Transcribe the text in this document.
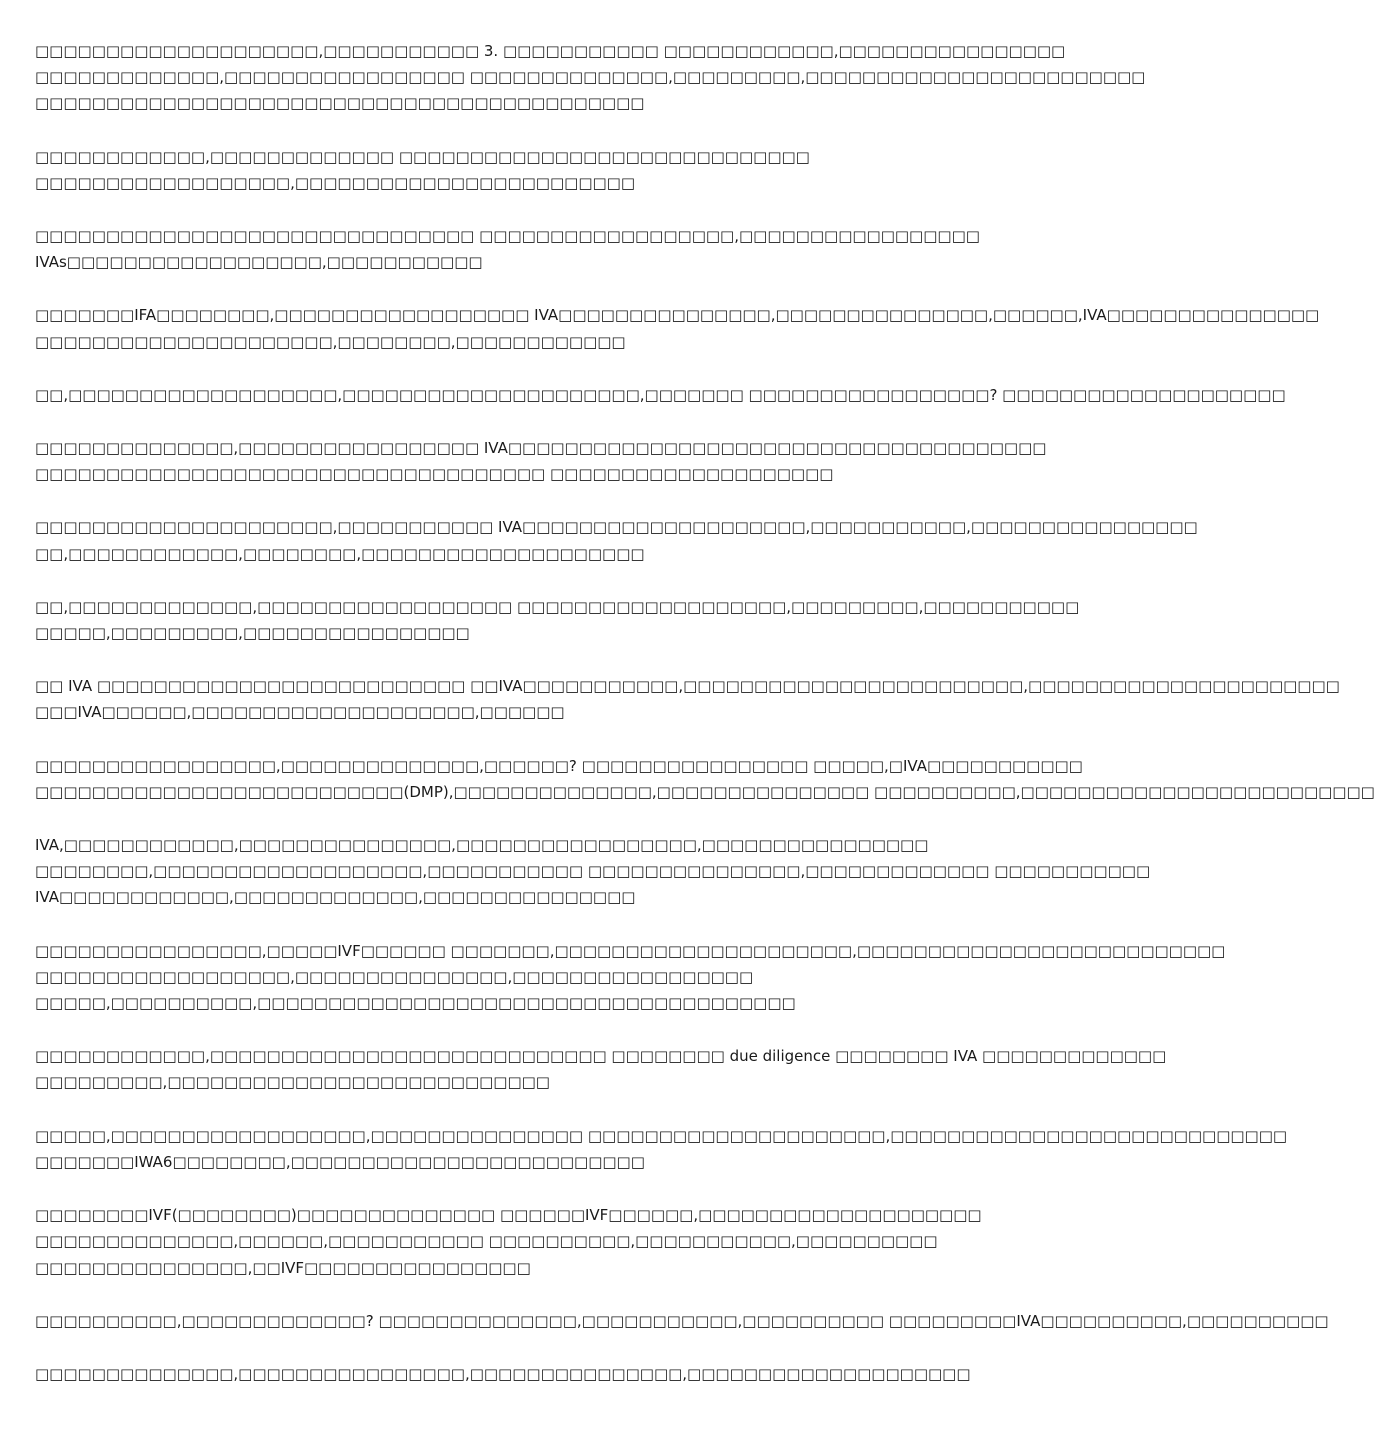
□□□□□□□□□□□□□□□□□□□□,□□□□□□□□□□□ 3. □□□□□□□□□□□ □□□□□□□□□□□□,□□□□□□□□□□□□□□□□
□□□□□□□□□□□□□,□□□□□□□□□□□□□□□□□ □□□□□□□□□□□□□□,□□□□□□□□□,□□□□□□□□□□□□□□□□□□□□□□□□
□□□□□□□□□□□□□□□□□□□□□□□□□□□□□□□□□□□□□□□□□□□
□□□□□□□□□□□□,□□□□□□□□□□□□□ □□□□□□□□□□□□□□□□□□□□□□□□□□□□□
□□□□□□□□□□□□□□□□□□,□□□□□□□□□□□□□□□□□□□□□□□□
□□□□□□□□□□□□□□□□□□□□□□□□□□□□□□□ □□□□□□□□□□□□□□□□□□,□□□□□□□□□□□□□□□□□
IVAs□□□□□□□□□□□□□□□□□□,□□□□□□□□□□□
□□□□□□□IFA□□□□□□□□,□□□□□□□□□□□□□□□□□□ IVA□□□□□□□□□□□□□□□,□□□□□□□□□□□□□□□,□□□□□□,IVA□□□□□□□□□□□□□□□
□□□□□□□□□□□□□□□□□□□□□,□□□□□□□□,□□□□□□□□□□□□
□□,□□□□□□□□□□□□□□□□□□□,□□□□□□□□□□□□□□□□□□□□□,□□□□□□□ □□□□□□□□□□□□□□□□□? □□□□□□□□□□□□□□□□□□□□
□□□□□□□□□□□□□□,□□□□□□□□□□□□□□□□□ IVA□□□□□□□□□□□□□□□□□□□□□□□□□□□□□□□□□□□□□□
□□□□□□□□□□□□□□□□□□□□□□□□□□□□□□□□□□□□ □□□□□□□□□□□□□□□□□□□□
□□□□□□□□□□□□□□□□□□□□□,□□□□□□□□□□□ IVA□□□□□□□□□□□□□□□□□□□□,□□□□□□□□□□□,□□□□□□□□□□□□□□□□
□□,□□□□□□□□□□□□,□□□□□□□□,□□□□□□□□□□□□□□□□□□□□
□□,□□□□□□□□□□□□□,□□□□□□□□□□□□□□□□□□ □□□□□□□□□□□□□□□□□□□,□□□□□□□□□,□□□□□□□□□□□
□□□□□,□□□□□□□□□,□□□□□□□□□□□□□□□□
□□ IVA □□□□□□□□□□□□□□□□□□□□□□□□□□ □□IVA□□□□□□□□□□□,□□□□□□□□□□□□□□□□□□□□□□□□,□□□□□□□□□□□□□□□□□□□□□□
□□□IVA□□□□□□,□□□□□□□□□□□□□□□□□□□□,□□□□□□
□□□□□□□□□□□□□□□□□,□□□□□□□□□□□□□□,□□□□□□? □□□□□□□□□□□□□□□□ □□□□□,□IVA□□□□□□□□□□□
□□□□□□□□□□□□□□□□□□□□□□□□□□(DMP),□□□□□□□□□□□□□□,□□□□□□□□□□□□□□□ □□□□□□□□□□,□□□□□□□□□□□□□□□□□□□□□□□□□
IVA,□□□□□□□□□□□□,□□□□□□□□□□□□□□□,□□□□□□□□□□□□□□□□□,□□□□□□□□□□□□□□□□
□□□□□□□□,□□□□□□□□□□□□□□□□□□□,□□□□□□□□□□□ □□□□□□□□□□□□□□□,□□□□□□□□□□□□□ □□□□□□□□□□□
IVA□□□□□□□□□□□□,□□□□□□□□□□□□□,□□□□□□□□□□□□□□□
□□□□□□□□□□□□□□□□,□□□□□IVF□□□□□□ □□□□□□□,□□□□□□□□□□□□□□□□□□□□□,□□□□□□□□□□□□□□□□□□□□□□□□□□
□□□□□□□□□□□□□□□□□□,□□□□□□□□□□□□□□□,□□□□□□□□□□□□□□□□□
□□□□□,□□□□□□□□□□,□□□□□□□□□□□□□□□□□□□□□□□□□□□□□□□□□□□□□□
□□□□□□□□□□□□,□□□□□□□□□□□□□□□□□□□□□□□□□□□□ □□□□□□□□ due diligence □□□□□□□□ IVA □□□□□□□□□□□□□
□□□□□□□□□,□□□□□□□□□□□□□□□□□□□□□□□□□□□
□□□□□,□□□□□□□□□□□□□□□□□□,□□□□□□□□□□□□□□□ □□□□□□□□□□□□□□□□□□□□□,□□□□□□□□□□□□□□□□□□□□□□□□□□□□
□□□□□□□IWA6□□□□□□□□,□□□□□□□□□□□□□□□□□□□□□□□□□
□□□□□□□□IVF(□□□□□□□□)□□□□□□□□□□□□□□ □□□□□□IVF□□□□□□,□□□□□□□□□□□□□□□□□□□□
□□□□□□□□□□□□□□,□□□□□□,□□□□□□□□□□□ □□□□□□□□□□,□□□□□□□□□□□,□□□□□□□□□□
□□□□□□□□□□□□□□□,□□IVF□□□□□□□□□□□□□□□□
□□□□□□□□□□,□□□□□□□□□□□□□? □□□□□□□□□□□□□□,□□□□□□□□□□□,□□□□□□□□□□ □□□□□□□□□IVA□□□□□□□□□□,□□□□□□□□□□
□□□□□□□□□□□□□□,□□□□□□□□□□□□□□□□,□□□□□□□□□□□□□□□,□□□□□□□□□□□□□□□□□□□□
